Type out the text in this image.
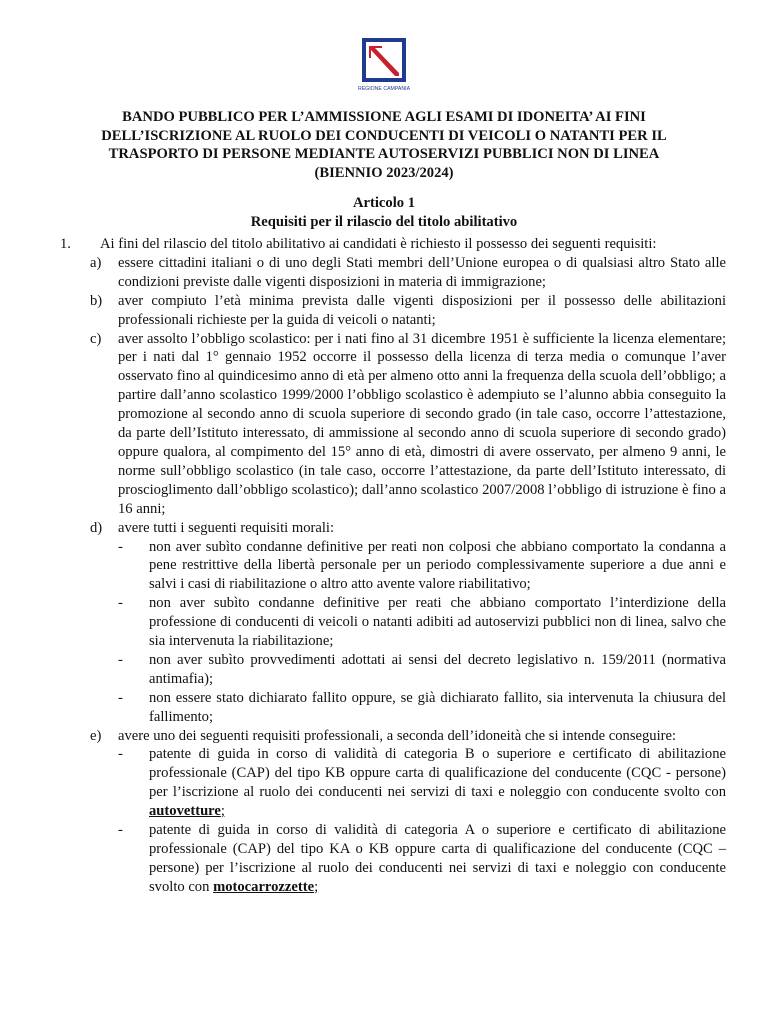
REGIONE CAMPANIA
BANDO PUBBLICO PER L’AMMISSIONE AGLI ESAMI DI IDONEITA’ AI FINI
DELL’ISCRIZIONE AL RUOLO DEI CONDUCENTI DI VEICOLI O NATANTI PER IL
TRASPORTO DI PERSONE MEDIANTE AUTOSERVIZI PUBBLICI NON DI LINEA
(BIENNIO 2023/2024)
Articolo 1
Requisiti per il rilascio del titolo abilitativo
1. Ai fini del rilascio del titolo abilitativo ai candidati è richiesto il possesso dei seguenti requisiti:
a) essere cittadini italiani o di uno degli Stati membri dell’Unione europea o di qualsiasi altro Stato alle condizioni previste dalle vigenti disposizioni in materia di immigrazione;
b) aver compiuto l’età minima prevista dalle vigenti disposizioni per il possesso delle abilitazioni professionali richieste per la guida di veicoli o natanti;
c) aver assolto l’obbligo scolastico: per i nati fino al 31 dicembre 1951 è sufficiente la licenza elementare; per i nati dal 1° gennaio 1952 occorre il possesso della licenza di terza media o comunque l’aver osservato fino al quindicesimo anno di età per almeno otto anni la frequenza della scuola dell’obbligo; a partire dall’anno scolastico 1999/2000 l’obbligo scolastico è adempiuto se l’alunno abbia conseguito la promozione al secondo anno di scuola superiore di secondo grado (in tale caso, occorre l’attestazione, da parte dell’Istituto interessato, di ammissione al secondo anno di scuola superiore di secondo grado) oppure qualora, al compimento del 15° anno di età, dimostri di avere osservato, per almeno 9 anni, le norme sull’obbligo scolastico (in tale caso, occorre l’attestazione, da parte dell’Istituto interessato, di proscioglimento dall’obbligo scolastico); dall’anno scolastico 2007/2008 l’obbligo di istruzione è fino a 16 anni;
d) avere tutti i seguenti requisiti morali:
- non aver subìto condanne definitive per reati non colposi che abbiano comportato la condanna a pene restrittive della libertà personale per un periodo complessivamente superiore a due anni e salvi i casi di riabilitazione o altro atto avente valore riabilitativo;
- non aver subìto condanne definitive per reati che abbiano comportato l’interdizione della professione di conducenti di veicoli o natanti adibiti ad autoservizi pubblici non di linea, salvo che sia intervenuta la riabilitazione;
- non aver subìto provvedimenti adottati ai sensi del decreto legislativo n. 159/2011 (normativa antimafia);
- non essere stato dichiarato fallito oppure, se già dichiarato fallito, sia intervenuta la chiusura del fallimento;
e) avere uno dei seguenti requisiti professionali, a seconda dell’idoneità che si intende conseguire:
- patente di guida in corso di validità di categoria B o superiore e certificato di abilitazione professionale (CAP) del tipo KB oppure carta di qualificazione del conducente (CQC - persone) per l’iscrizione al ruolo dei conducenti nei servizi di taxi e noleggio con conducente svolto con autovetture;
- patente di guida in corso di validità di categoria A o superiore e certificato di abilitazione professionale (CAP) del tipo KA o KB oppure carta di qualificazione del conducente (CQC – persone) per l’iscrizione al ruolo dei conducenti nei servizi di taxi e noleggio con conducente svolto con motocarrozzette;
